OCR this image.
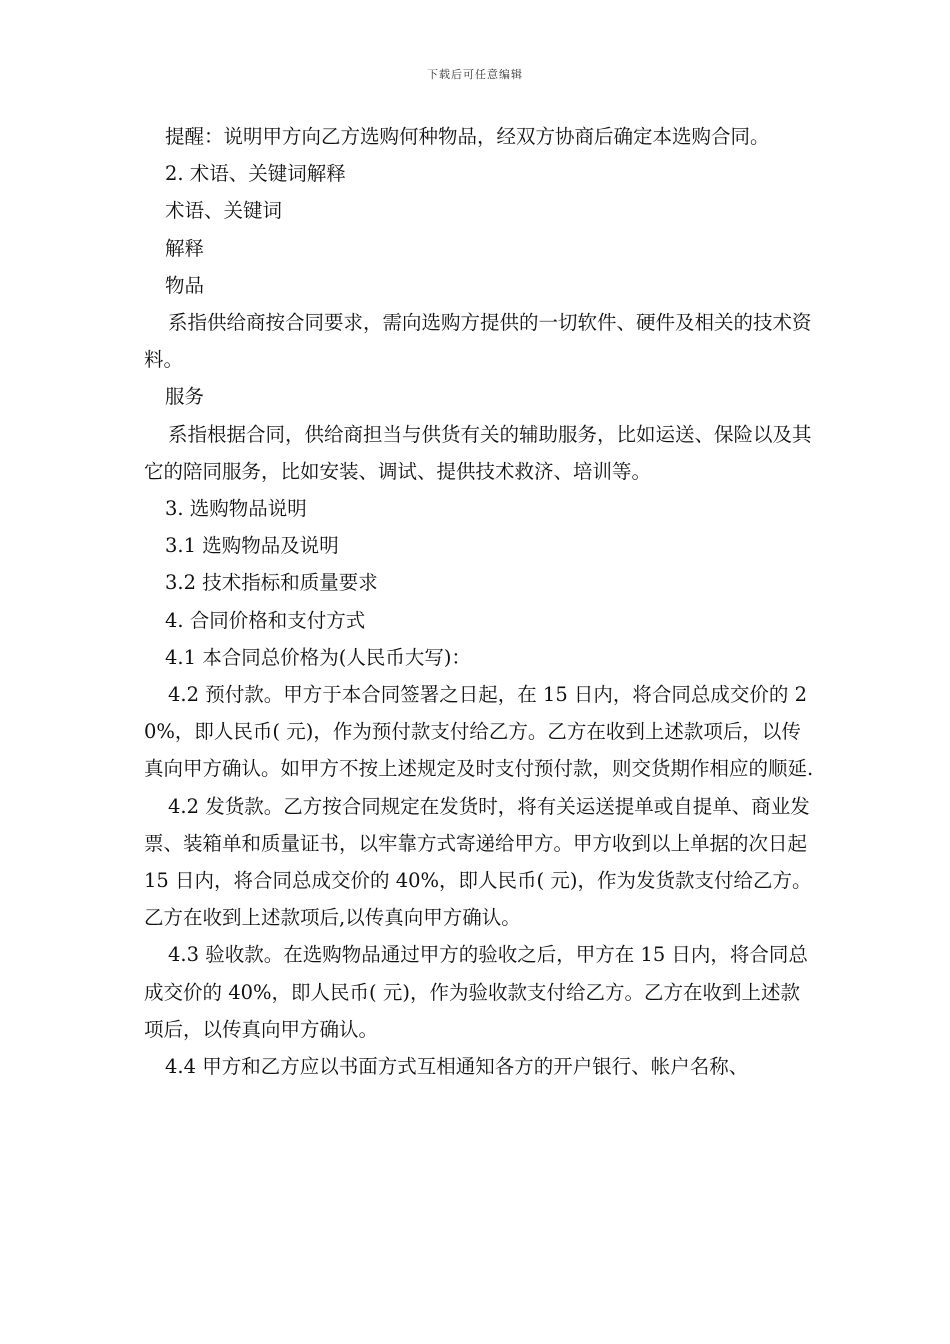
下载后可任意编辑

提醒：说明甲方向乙方选购何种物品，经双方协商后确定本选购合同。

2. 术语、关键词解释

术语、关键词

解释

物品

系指供给商按合同要求，需向选购方提供的一切软件、硬件及相关的技术资料。

服务

系指根据合同，供给商担当与供货有关的辅助服务，比如运送、保险以及其它的陪同服务，比如安装、调试、提供技术救济、培训等。

3. 选购物品说明

3.1 选购物品及说明

3.2 技术指标和质量要求

4. 合同价格和支付方式

4.1 本合同总价格为(人民币大写)：

4.2 预付款。甲方于本合同签署之日起，在 15 日内，将合同总成交价的 20%，即人民币( 元)，作为预付款支付给乙方。乙方在收到上述款项后，以传真向甲方确认。如甲方不按上述规定及时支付预付款，则交货期作相应的顺延.

4.2 发货款。乙方按合同规定在发货时，将有关运送提单或自提单、商业发票、装箱单和质量证书，以牢靠方式寄递给甲方。甲方收到以上单据的次日起 15 日内，将合同总成交价的 40%，即人民币( 元)，作为发货款支付给乙方。乙方在收到上述款项后,以传真向甲方确认。

4.3 验收款。在选购物品通过甲方的验收之后，甲方在 15 日内，将合同总成交价的 40%，即人民币( 元)，作为验收款支付给乙方。乙方在收到上述款项后，以传真向甲方确认。

4.4 甲方和乙方应以书面方式互相通知各方的开户银行、帐户名称、
